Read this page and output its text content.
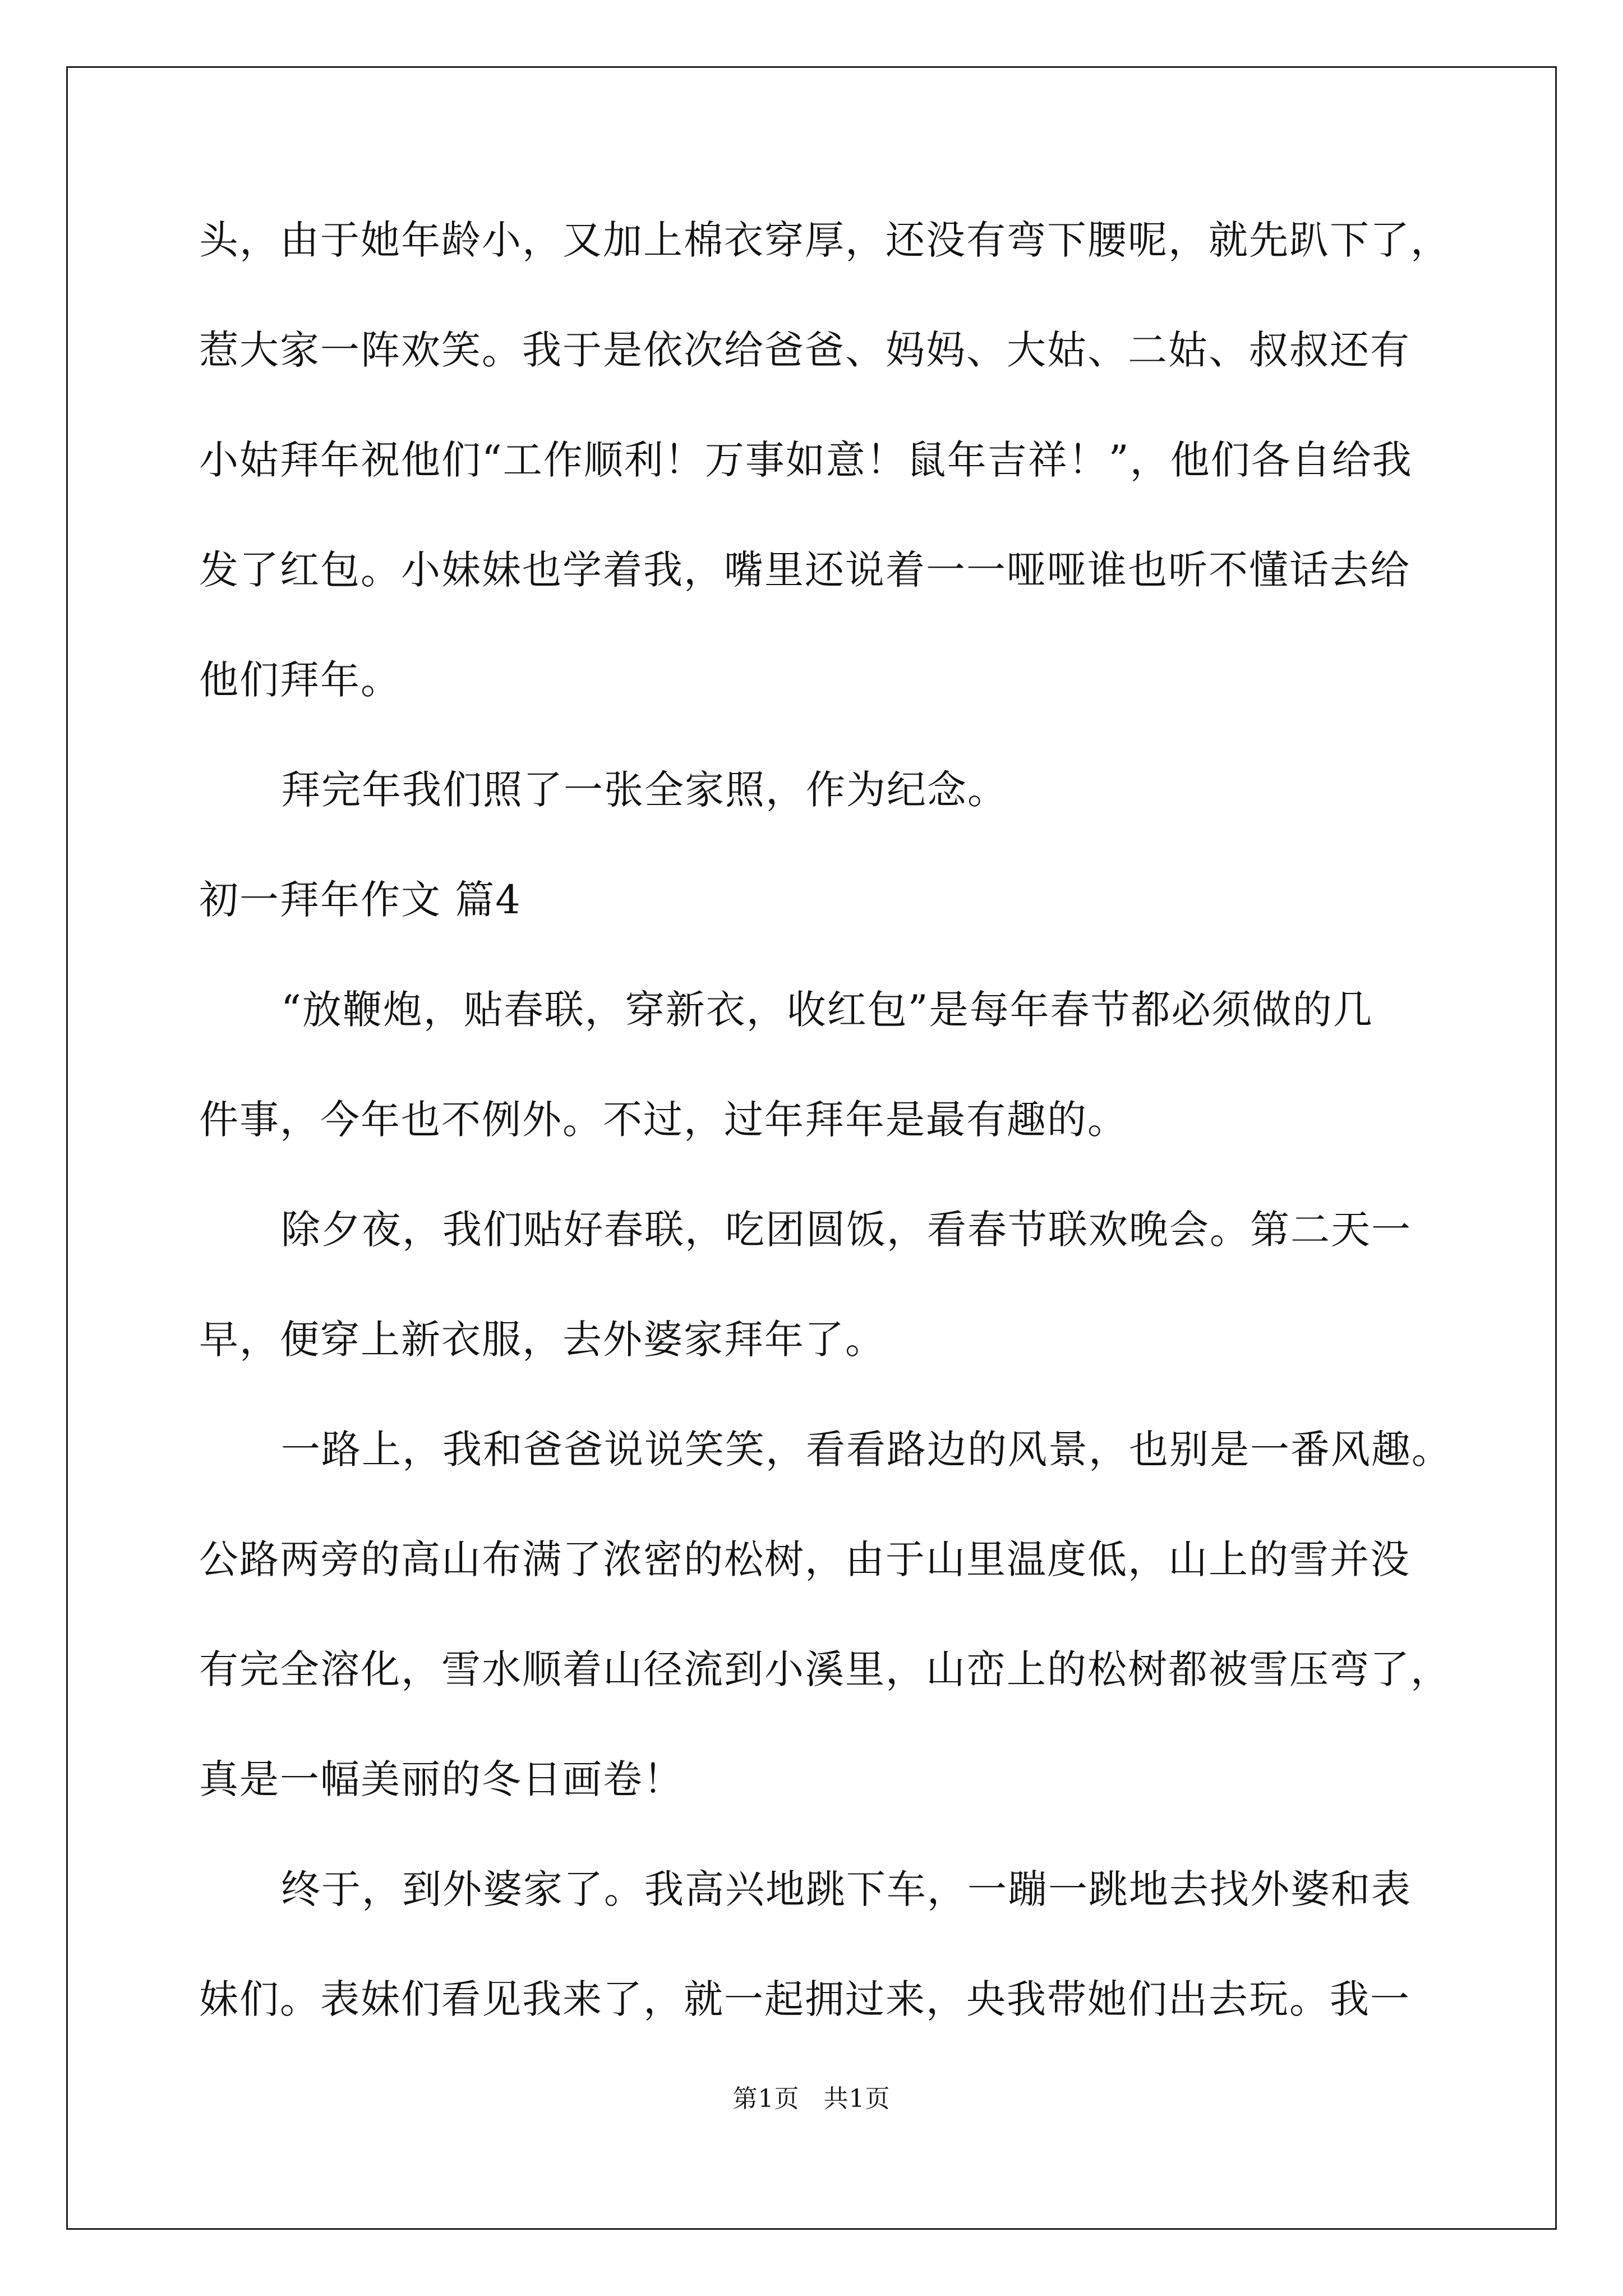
头，由于她年龄小，又加上棉衣穿厚，还没有弯下腰呢，就先趴下了，
惹大家一阵欢笑。我于是依次给爸爸、妈妈、大姑、二姑、叔叔还有
小姑拜年祝他们“工作顺利！万事如意！鼠年吉祥！”，他们各自给我
发了红包。小妹妹也学着我，嘴里还说着一一哑哑谁也听不懂话去给
他们拜年。
拜完年我们照了一张全家照，作为纪念。
初一拜年作文 篇4
“放鞭炮，贴春联，穿新衣，收红包”是每年春节都必须做的几
件事，今年也不例外。不过，过年拜年是最有趣的。
除夕夜，我们贴好春联，吃团圆饭，看春节联欢晚会。第二天一
早，便穿上新衣服，去外婆家拜年了。
一路上，我和爸爸说说笑笑，看看路边的风景，也别是一番风趣。
公路两旁的高山布满了浓密的松树，由于山里温度低，山上的雪并没
有完全溶化，雪水顺着山径流到小溪里，山峦上的松树都被雪压弯了，
真是一幅美丽的冬日画卷！
终于，到外婆家了。我高兴地跳下车，一蹦一跳地去找外婆和表
妹们。表妹们看见我来了，就一起拥过来，央我带她们出去玩。我一
第1页 共1页
